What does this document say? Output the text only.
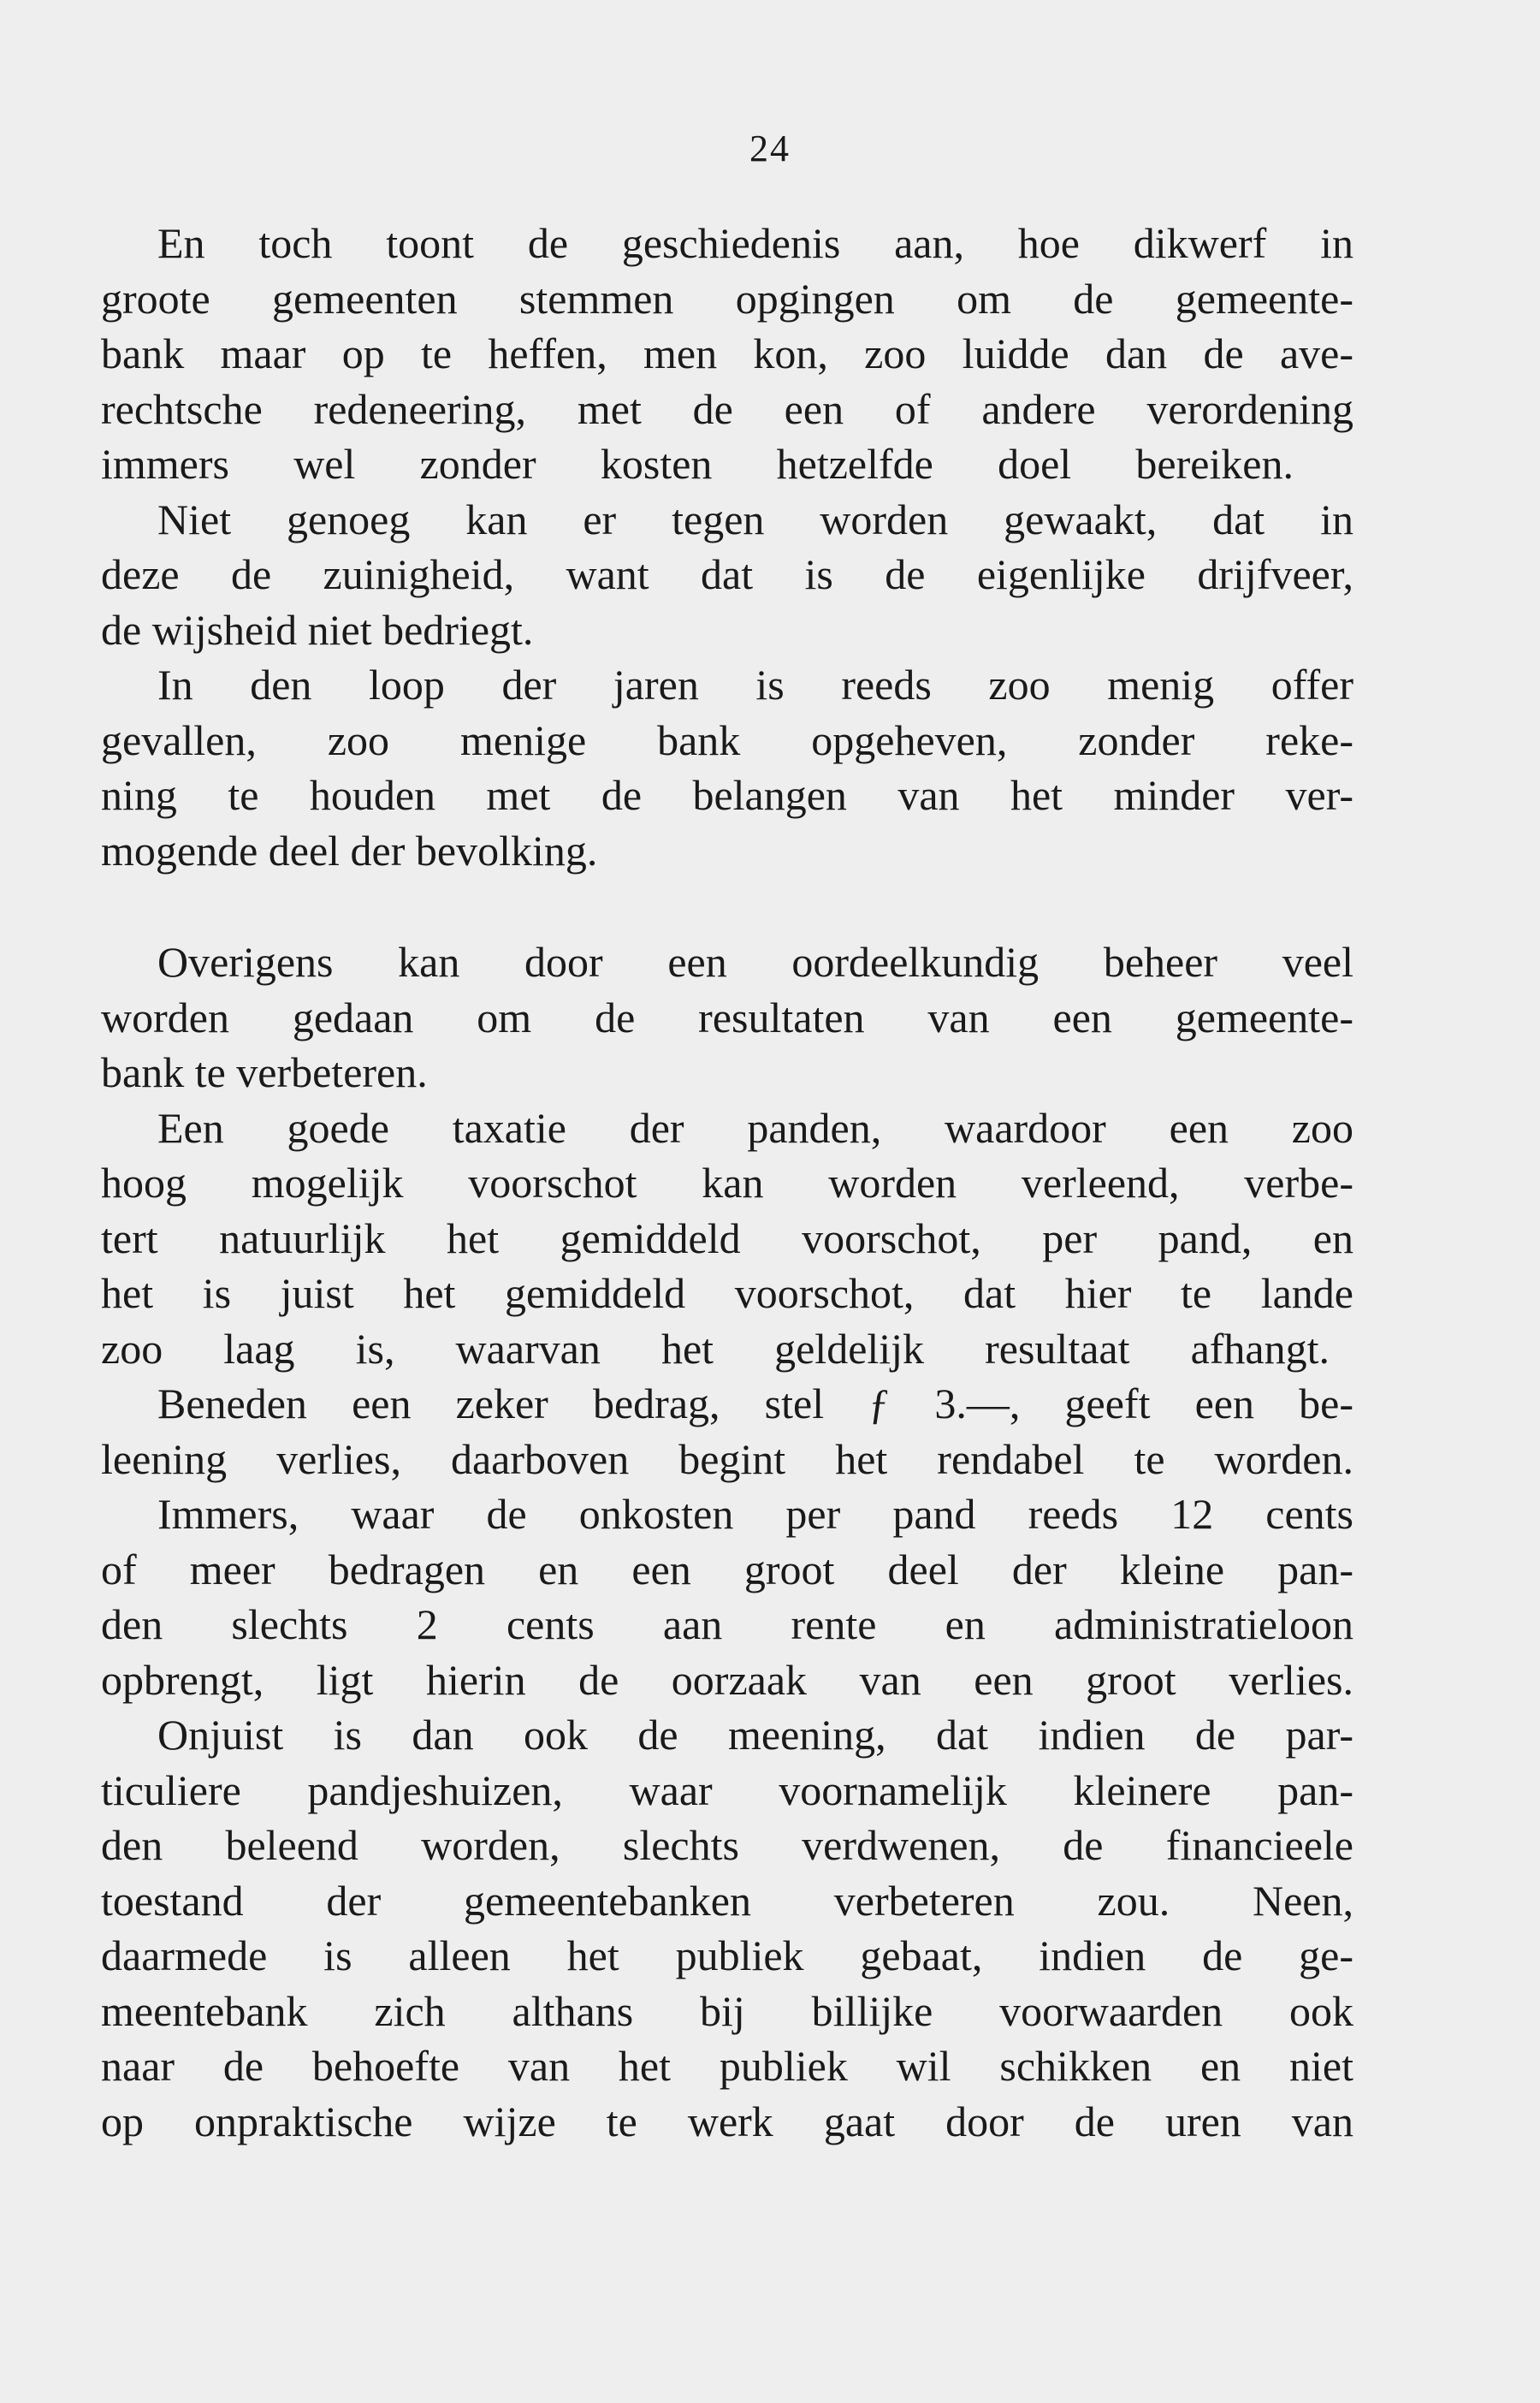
24
En toch toont de geschiedenis aan, hoe dikwerf in
groote gemeenten stemmen opgingen om de gemeente-
bank maar op te heffen, men kon, zoo luidde dan de ave-
rechtsche redeneering, met de een of andere verordening
immers wel zonder kosten hetzelfde doel bereiken.
Niet genoeg kan er tegen worden gewaakt, dat in
deze de zuinigheid, want dat is de eigenlijke drijfveer,
de wijsheid niet bedriegt.
In den loop der jaren is reeds zoo menig offer
gevallen, zoo menige bank opgeheven, zonder reke-
ning te houden met de belangen van het minder ver-
mogende deel der bevolking.
Overigens kan door een oordeelkundig beheer veel
worden gedaan om de resultaten van een gemeente-
bank te verbeteren.
Een goede taxatie der panden, waardoor een zoo
hoog mogelijk voorschot kan worden verleend, verbe-
tert natuurlijk het gemiddeld voorschot, per pand, en
het is juist het gemiddeld voorschot, dat hier te lande
zoo laag is, waarvan het geldelijk resultaat afhangt.
Beneden een zeker bedrag, stel ƒ 3.—, geeft een be-
leening verlies, daarboven begint het rendabel te worden.
Immers, waar de onkosten per pand reeds 12 cents
of meer bedragen en een groot deel der kleine pan-
den slechts 2 cents aan rente en administratieloon
opbrengt, ligt hierin de oorzaak van een groot verlies.
Onjuist is dan ook de meening, dat indien de par-
ticuliere pandjeshuizen, waar voornamelijk kleinere pan-
den beleend worden, slechts verdwenen, de financieele
toestand der gemeentebanken verbeteren zou. Neen,
daarmede is alleen het publiek gebaat, indien de ge-
meentebank zich althans bij billijke voorwaarden ook
naar de behoefte van het publiek wil schikken en niet
op onpraktische wijze te werk gaat door de uren van
